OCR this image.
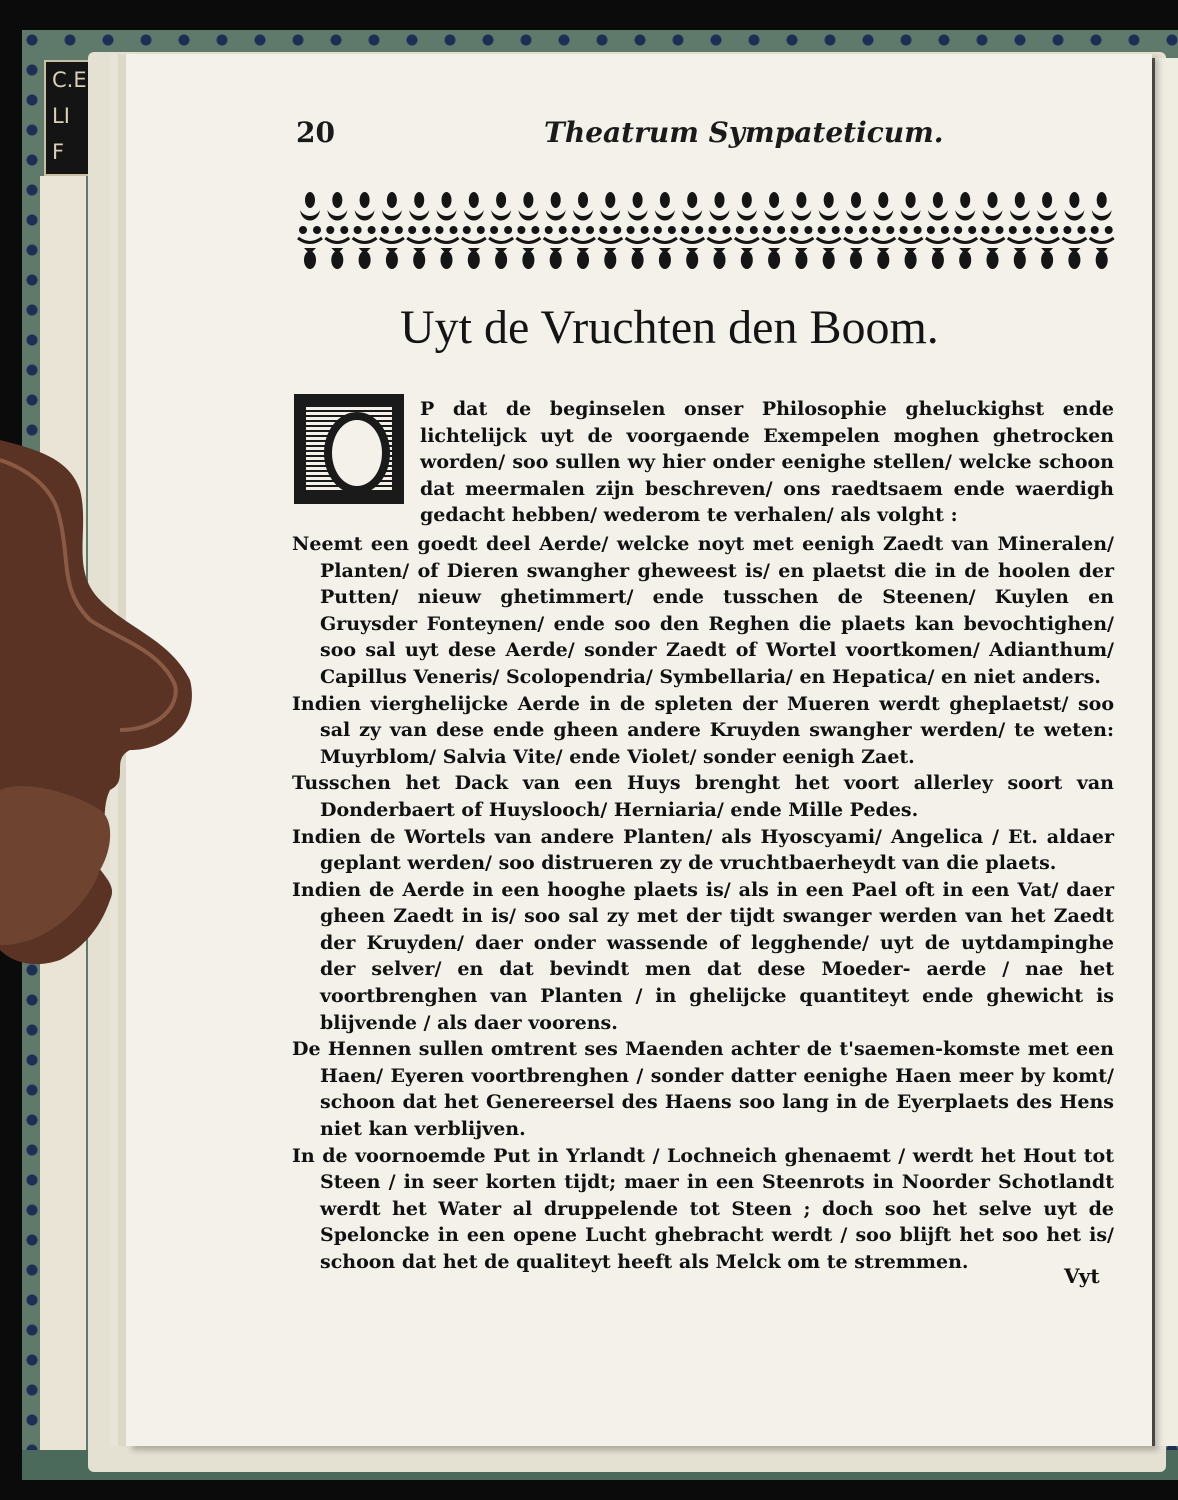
C.E
LI
F
20	Theatrum Sympateticum.
Uyt de Vruchten den Boom.

P dat de beginselen onser Philosophie gheluckighst ende lichtelijck uyt de voorgaende Exempelen moghen ghetrocken worden/ soo sullen wy hier onder eenighe stellen/ welcke schoon dat meermalen zijn beschreven/ ons raedtsaem ende waerdigh gedacht hebben/ wederom te verhalen/ als volght :

Neemt een goedt deel Aerde/ welcke noyt met eenigh Zaedt van Mineralen/ Planten/ of Dieren swangher gheweest is/ en plaetst die in de hoolen der Putten/ nieuw ghetimmert/ ende tusschen de Steenen/ Kuylen en Gruysder Fonteynen/ ende soo den Reghen die plaets kan bevochtighen/ soo sal uyt dese Aerde/ sonder Zaedt of Wortel voortkomen/ Adianthum/ Capillus Veneris/ Scolopendria/ Symbellaria/ en Hepatica/ en niet anders.

Indien vierghelijcke Aerde in de spleten der Mueren werdt gheplaetst/ soo sal zy van dese ende gheen andere Kruyden swangher werden/ te weten: Muyrblom/ Salvia Vite/ ende Violet/ sonder eenigh Zaet.

Tusschen het Dack van een Huys brenght het voort allerley soort van Donderbaert of Huyslooch/ Herniaria/ ende Mille Pedes.

Indien de Wortels van andere Planten/ als Hyoscyami/ Angelica / Et. aldaer geplant werden/ soo distrueren zy de vruchtbaerheydt van die plaets.

Indien de Aerde in een hooghe plaets is/ als in een Pael oft in een Vat/ daer gheen Zaedt in is/ soo sal zy met der tijdt swanger werden van het Zaedt der Kruyden/ daer onder wassende of legghende/ uyt de uytdampinghe der selver/ en dat bevindt men dat dese Moeder- aerde / nae het voortbrenghen van Planten / in ghelijcke quantiteyt ende ghewicht is blijvende / als daer voorens.

De Hennen sullen omtrent ses Maenden achter de t'saemen-komste met een Haen/ Eyeren voortbrenghen / sonder datter eenighe Haen meer by komt/ schoon dat het Genereersel des Haens soo lang in de Eyerplaets des Hens niet kan verblijven.

In de voornoemde Put in Yrlandt / Lochneich ghenaemt / werdt het Hout tot Steen / in seer korten tijdt; maer in een Steenrots in Noorder Schotlandt werdt het Water al druppelende tot Steen ; doch soo het selve uyt de Speloncke in een opene Lucht ghebracht werdt / soo blijft het soo het is/ schoon dat het de qualiteyt heeft als Melck om te stremmen.

Vyt
